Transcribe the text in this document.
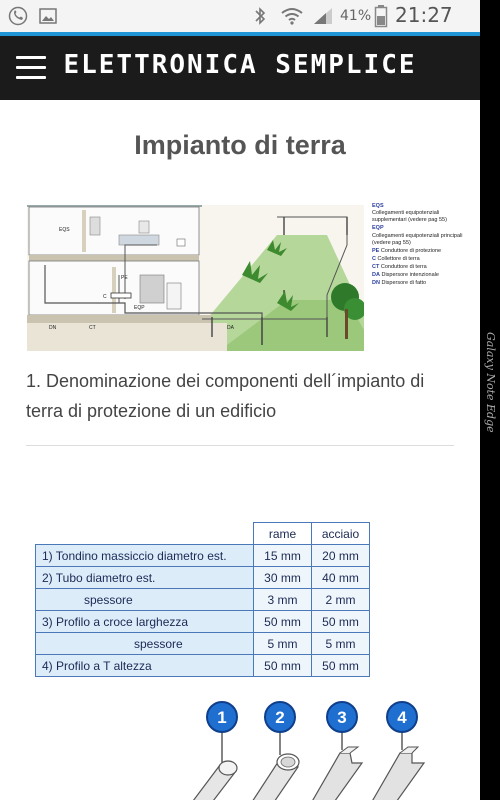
41% 21:27
ELETTRONICA SEMPLICE
Impianto di terra
EQS
PE
EQP
C
CT	DA
DN
EQS
Collegamenti equipotenziali supplementari (vedere pag 55)
EQP
Collegamenti equipotenziali principali (vedere pag 55)
PE Conduttore di protezione
C Collettore di terra
CT Conduttore di terra
DA Dispersore intenzionale
DN Dispersore di fatto

1. Denominazione dei componenti dell´impianto di terra di protezione di un edificio

	rame	acciaio
1) Tondino massiccio diametro est.	15 mm	20 mm
2) Tubo diametro est.	30 mm	40 mm
spessore	3 mm	2 mm
3) Profilo a croce larghezza	50 mm	50 mm
spessore	5 mm	5 mm
4) Profilo a T altezza	50 mm	50 mm
1	2	3	4
Galaxy Note Edge
